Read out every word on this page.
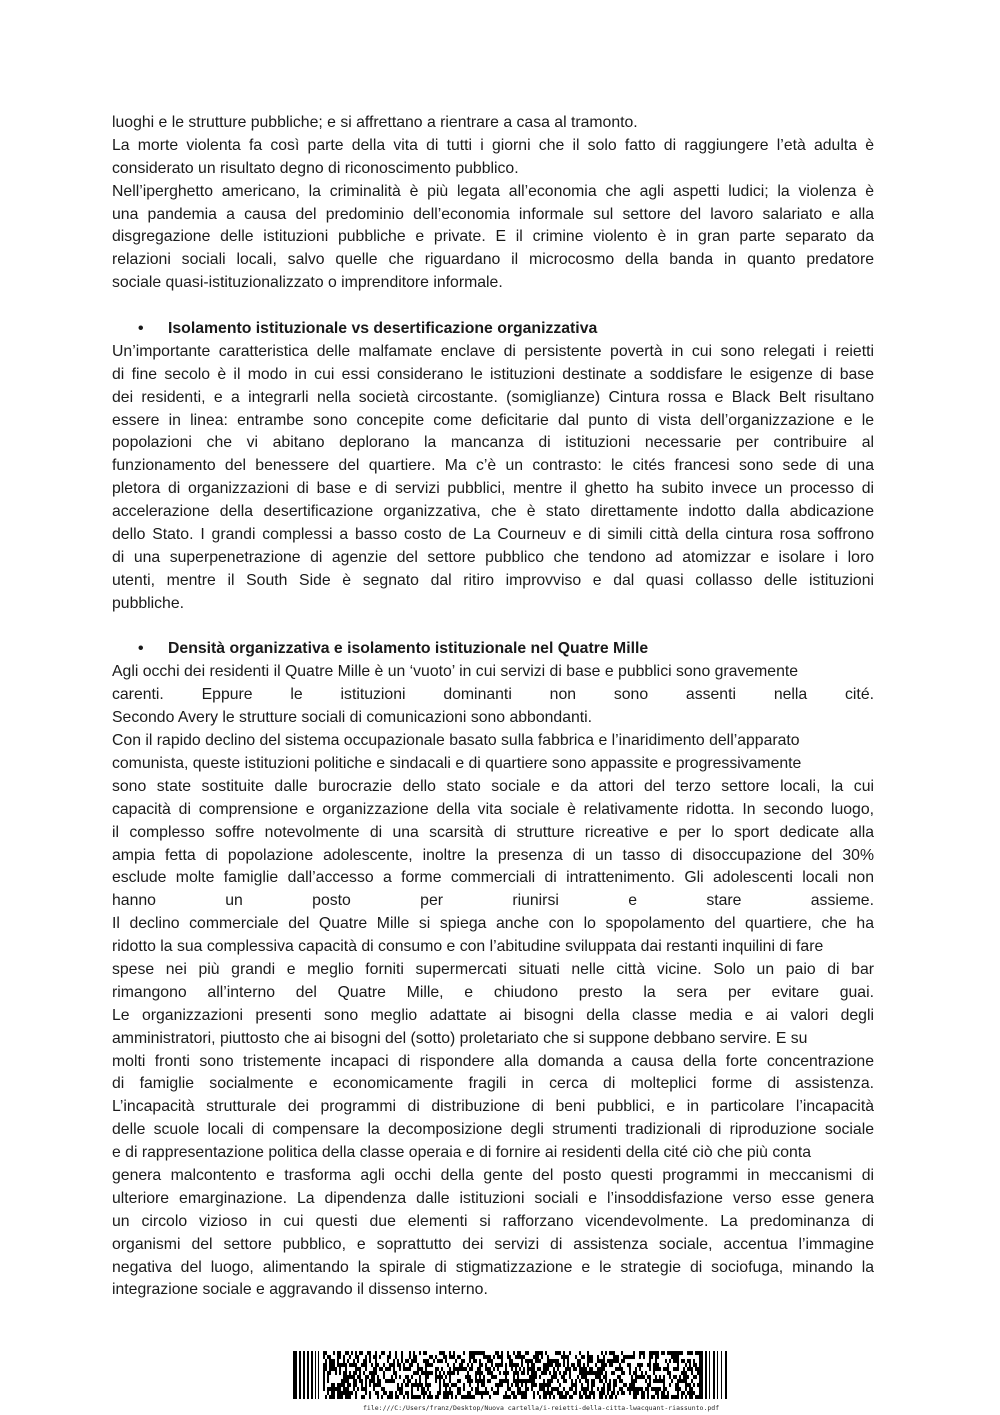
luoghi e le strutture pubbliche; e si affrettano a rientrare a casa al tramonto.
La morte violenta fa così parte della vita di tutti i giorni che il solo fatto di raggiungere l’età adulta è
considerato un risultato degno di riconoscimento pubblico.
Nell’iperghetto americano, la criminalità è più legata all’economia che agli aspetti ludici; la violenza è
una pandemia a causa del predominio dell’economia informale sul settore del lavoro salariato e alla
disgregazione delle istituzioni pubbliche e private. E il crimine violento è in gran parte separato da
relazioni sociali locali, salvo quelle che riguardano il microcosmo della banda in quanto predatore
sociale quasi-istituzionalizzato o imprenditore informale.
• Isolamento istituzionale vs desertificazione organizzativa
Un’importante caratteristica delle malfamate enclave di persistente povertà in cui sono relegati i reietti
di fine secolo è il modo in cui essi considerano le istituzioni destinate a soddisfare le esigenze di base
dei residenti, e a integrarli nella società circostante. (somiglianze) Cintura rossa e Black Belt risultano
essere in linea: entrambe sono concepite come deficitarie dal punto di vista dell’organizzazione e le
popolazioni che vi abitano deplorano la mancanza di istituzioni necessarie per contribuire al
funzionamento del benessere del quartiere. Ma c’è un contrasto: le cités francesi sono sede di una
pletora di organizzazioni di base e di servizi pubblici, mentre il ghetto ha subito invece un processo di
accelerazione della desertificazione organizzativa, che è stato direttamente indotto dalla abdicazione
dello Stato. I grandi complessi a basso costo de La Courneuv e di simili città della cintura rosa soffrono
di una superpenetrazione di agenzie del settore pubblico che tendono ad atomizzar e isolare i loro
utenti, mentre il South Side è segnato dal ritiro improvviso e dal quasi collasso delle istituzioni
pubbliche.
• Densità organizzativa e isolamento istituzionale nel Quatre Mille
Agli occhi dei residenti il Quatre Mille è un ‘vuoto’ in cui servizi di base e pubblici sono gravemente
carenti. Eppure le istituzioni dominanti non sono assenti nella cité.
Secondo Avery le strutture sociali di comunicazioni sono abbondanti.
Con il rapido declino del sistema occupazionale basato sulla fabbrica e l’inaridimento dell’apparato
comunista, queste istituzioni politiche e sindacali e di quartiere sono appassite e progressivamente
sono state sostituite dalle burocrazie dello stato sociale e da attori del terzo settore locali, la cui
capacità di comprensione e organizzazione della vita sociale è relativamente ridotta. In secondo luogo,
il complesso soffre notevolmente di una scarsità di strutture ricreative e per lo sport dedicate alla
ampia fetta di popolazione adolescente, inoltre la presenza di un tasso di disoccupazione del 30%
esclude molte famiglie dall’accesso a forme commerciali di intrattenimento. Gli adolescenti locali non
hanno un posto per riunirsi e stare assieme.
Il declino commerciale del Quatre Mille si spiega anche con lo spopolamento del quartiere, che ha
ridotto la sua complessiva capacità di consumo e con l’abitudine sviluppata dai restanti inquilini di fare
spese nei più grandi e meglio forniti supermercati situati nelle città vicine. Solo un paio di bar
rimangono all’interno del Quatre Mille, e chiudono presto la sera per evitare guai.
Le organizzazioni presenti sono meglio adattate ai bisogni della classe media e ai valori degli
amministratori, piuttosto che ai bisogni del (sotto) proletariato che si suppone debbano servire. E su
molti fronti sono tristemente incapaci di rispondere alla domanda a causa della forte concentrazione
di famiglie socialmente e economicamente fragili in cerca di molteplici forme di assistenza.
L’incapacità strutturale dei programmi di distribuzione di beni pubblici, e in particolare l’incapacità
delle scuole locali di compensare la decomposizione degli strumenti tradizionali di riproduzione sociale
e di rappresentazione politica della classe operaia e di fornire ai residenti della cité ciò che più conta
genera malcontento e trasforma agli occhi della gente del posto questi programmi in meccanismi di
ulteriore emarginazione. La dipendenza dalle istituzioni sociali e l’insoddisfazione verso esse genera
un circolo vizioso in cui questi due elementi si rafforzano vicendevolmente. La predominanza di
organismi del settore pubblico, e soprattutto dei servizi di assistenza sociale, accentua l’immagine
negativa del luogo, alimentando la spirale di stigmatizzazione e le strategie di sociofuga, minando la
integrazione sociale e aggravando il dissenso interno.
file:///C:/Users/franz/Desktop/Nuova cartella/i-reietti-della-citta-lwacquant-riassunto.pdf
